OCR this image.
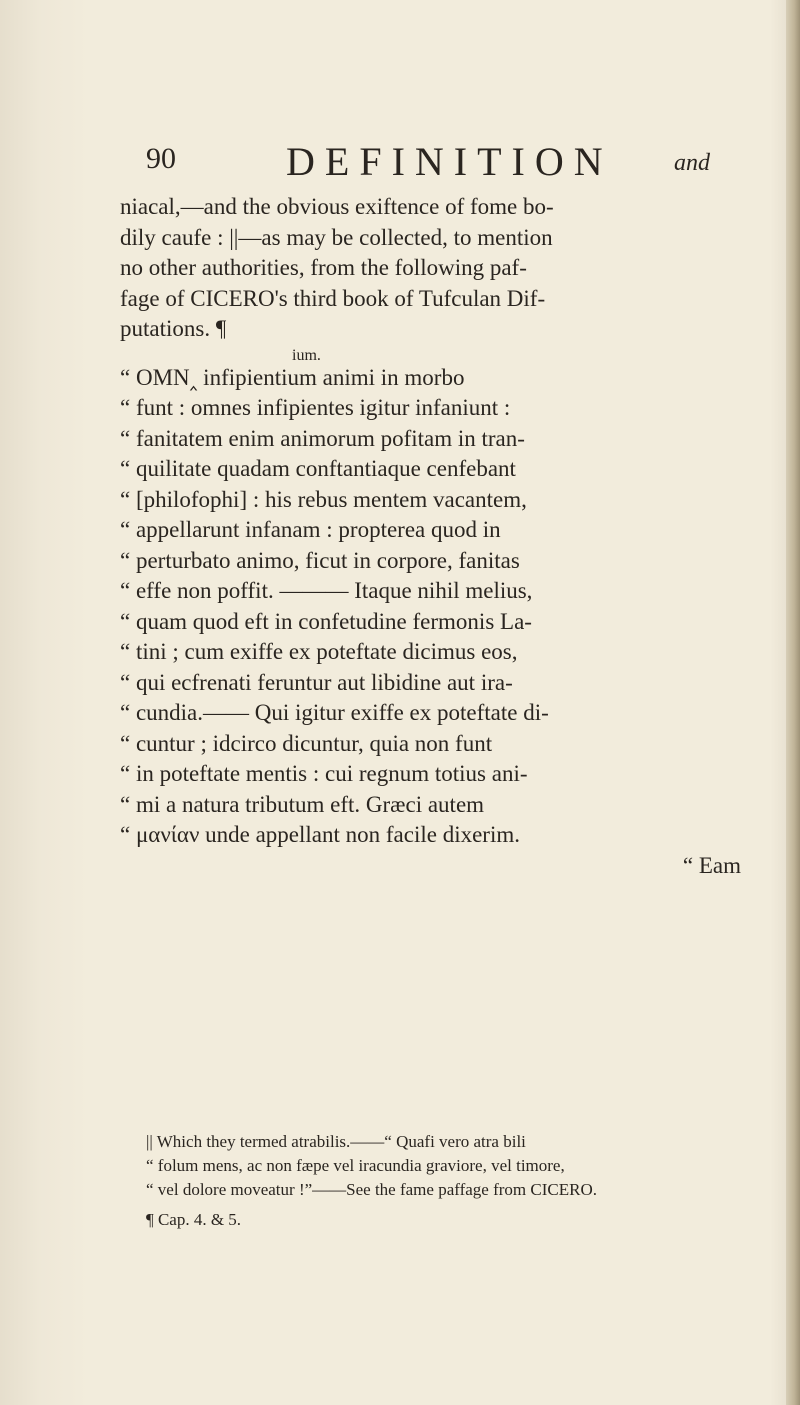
90	DEFINITION	and
niacal,—and the obvious exiftence of fome bo-
dily caufe : ||—as may be collected, to mention
no other authorities, from the following paf-
fage of CICERO's third book of Tufculan Dif-
putations. ¶
ium.
“ OMN‸ infipientium animi in morbo
“ funt : omnes infipientes igitur infaniunt :
“ fanitatem enim animorum pofitam in tran-
“ quilitate quadam conftantiaque cenfebant
“ [philofophi] : his rebus mentem vacantem,
“ appellarunt infanam : propterea quod in
“ perturbato animo, ficut in corpore, fanitas
“ effe non poffit. ——— Itaque nihil melius,
“ quam quod eft in confetudine fermonis La-
“ tini ; cum exiffe ex poteftate dicimus eos,
“ qui ecfrenati feruntur aut libidine aut ira-
“ cundia.—— Qui igitur exiffe ex poteftate di-
“ cuntur ; idcirco dicuntur, quia non funt
“ in poteftate mentis : cui regnum totius ani-
“ mi a natura tributum eft. Græci autem
“ μανίαν unde appellant non facile dixerim.
“ Eam
|| Which they termed atrabilis.——“ Quafi vero atra bili
“ folum mens, ac non fæpe vel iracundia graviore, vel timore,
“ vel dolore moveatur !”——See the fame paffage from CICERO.
¶ Cap. 4. & 5.
